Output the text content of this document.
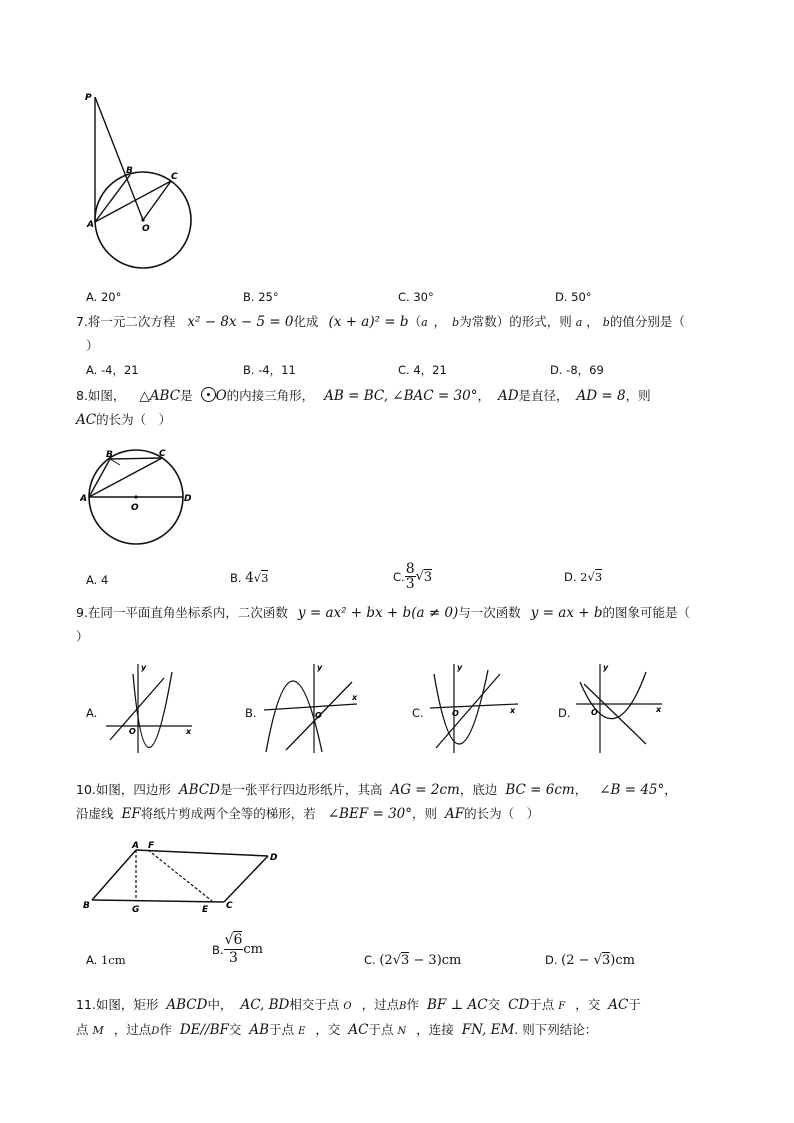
P
B
C
A	O
A. 20°	B. 25°	C. 30°	D. 50°
7.将一元二次方程 x² − 8x − 5 = 0化成 (x + a)² = b（a ， b为常数）的形式，则 a ， b的值分别是（
）
A. -4，21	B. -4，11	C. 4，21	D. -8，69
8.如图， △ABC是 O的内接三角形， AB = BC, ∠BAC = 30°， AD是直径， AD = 8，则
AC的长为（　）
B	C
A	D
O
A. 4	B. 4√3	C. 8
3 √ 3	D. 2√3
9.在同一平面直角坐标系内，二次函数 y = ax² + bx + b(a ≠ 0)与一次函数 y = ax + b的图象可能是（
）
A.
y
x
O
B.
y
x
O	C.
y
x
O	D.
y
x
O
10.如图，四边形 ABCD是一张平行四边形纸片，其高 AG = 2cm，底边 BC = 6cm， ∠B = 45°，
沿虚线 EF将纸片剪成两个全等的梯形，若 ∠BEF = 30°，则 AF的长为（　）
A F
D
B	G	E C
A. 1cm
B.
√6
3
cm
C. (2√3 − 3)cm	D. (2 − √3)cm
11.如图，矩形 ABCD中， AC, BD相交于点 O ，过点B作 BF ⊥ AC交 CD于点 F ，交 AC于
点 M ，过点D作 DE//BF交 AB于点 E ，交 AC于点 N ，连接 FN, EM. 则下列结论：
